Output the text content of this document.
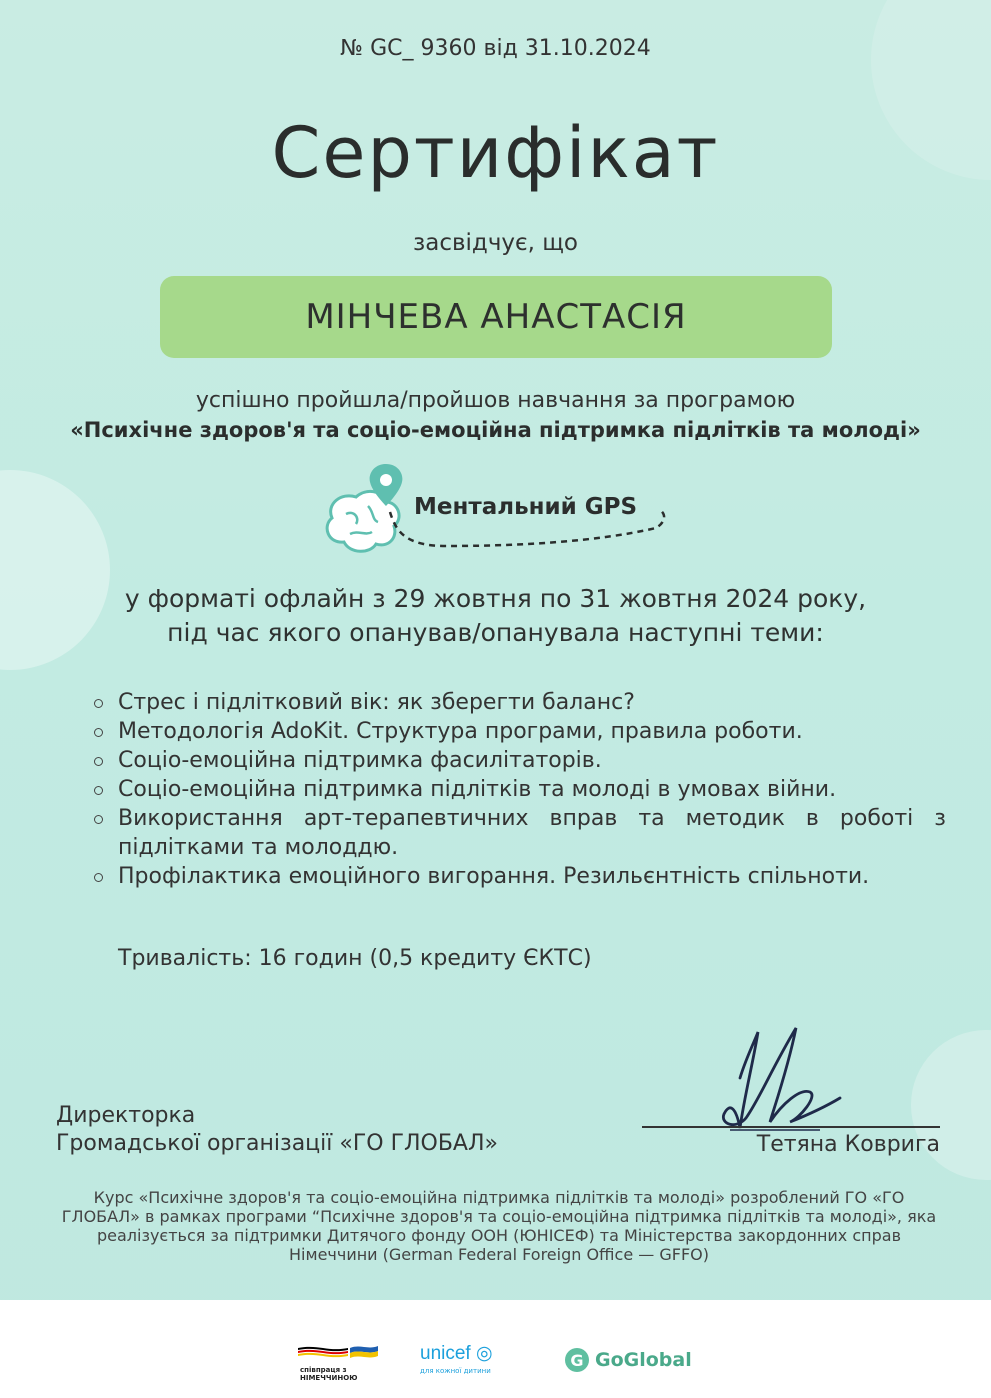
№ GC_ 9360 від 31.10.2024
Сертифікат
засвідчує, що
МІНЧЕВА АНАСТАСІЯ
успішно пройшла/пройшов навчання за програмою
«Психічне здоров'я та соціо-емоційна підтримка підлітків та молоді»
Ментальний GPS
у форматі офлайн з 29 жовтня по 31 жовтня 2024 року,
під час якого опанував/опанувала наступні теми:
Стрес і підлітковий вік: як зберегти баланс?
Методологія AdoKit. Структура програми, правила роботи.
Соціо-емоційна підтримка фасилітаторів.
Соціо-емоційна підтримка підлітків та молоді в умовах війни.
Використання арт-терапевтичних вправ та методик в роботі з підлітками та молоддю.
Профілактика емоційного вигорання. Резильєнтність спільноти.
Тривалість: 16 годин (0,5 кредиту ЄКТС)
Директорка
Громадської організації «ГО ГЛОБАЛ»	Тетяна Коврига
Курс «Психічне здоров'я та соціо-емоційна підтримка підлітків та молоді» розроблений ГО «ГО ГЛОБАЛ» в рамках програми “Психічне здоров'я та соціо-емоційна підтримка підлітків та молоді», яка реалізується за підтримки Дитячого фонду ООН (ЮНІСЕФ) та Міністерства закордонних справ Німеччини (German Federal Foreign Office — GFFO)
співпраця з
НІМЕЧЧИНОЮ
unicef ◎
для кожної дитини
G GoGlobal
